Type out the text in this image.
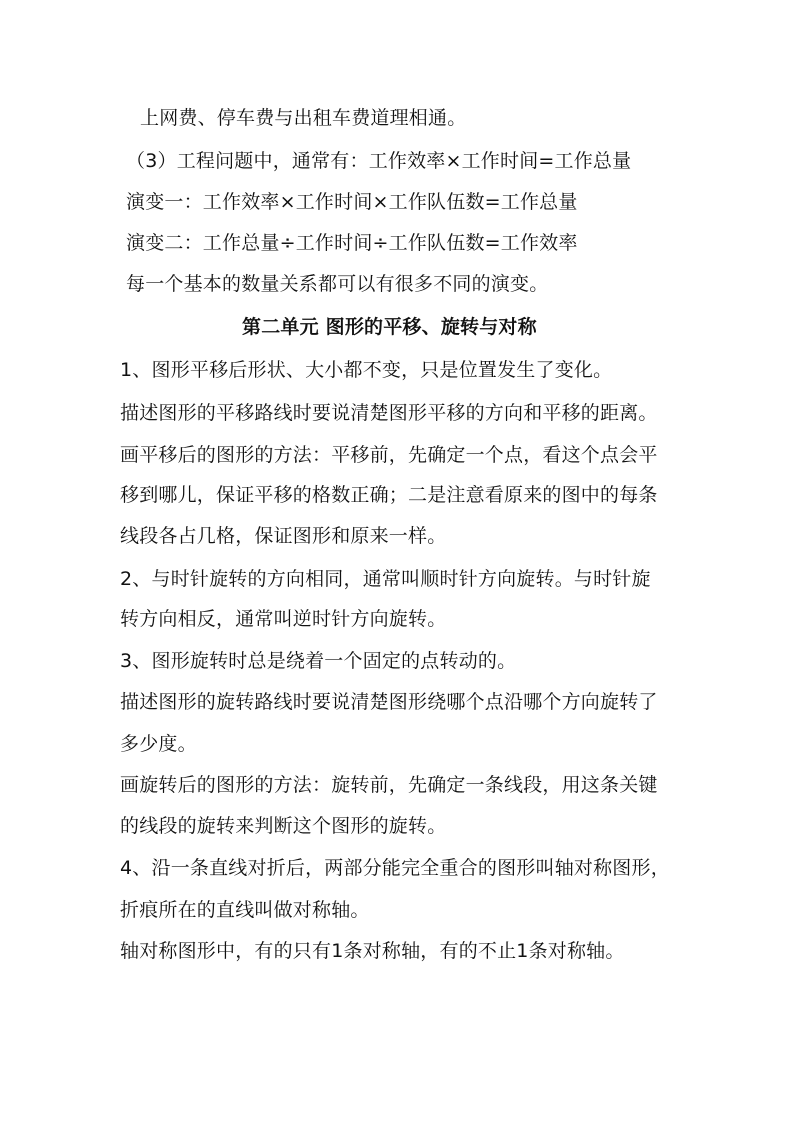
上网费、停车费与出租车费道理相通。
（3）工程问题中，通常有：工作效率×工作时间=工作总量
演变一：工作效率×工作时间×工作队伍数=工作总量
演变二：工作总量÷工作时间÷工作队伍数=工作效率
每一个基本的数量关系都可以有很多不同的演变。
第二单元 图形的平移、旋转与对称
1、图形平移后形状、大小都不变，只是位置发生了变化。
描述图形的平移路线时要说清楚图形平移的方向和平移的距离。
画平移后的图形的方法：平移前，先确定一个点，看这个点会平
移到哪儿，保证平移的格数正确；二是注意看原来的图中的每条
线段各占几格，保证图形和原来一样。
2、与时针旋转的方向相同，通常叫顺时针方向旋转。与时针旋
转方向相反，通常叫逆时针方向旋转。
3、图形旋转时总是绕着一个固定的点转动的。
描述图形的旋转路线时要说清楚图形绕哪个点沿哪个方向旋转了
多少度。
画旋转后的图形的方法：旋转前，先确定一条线段，用这条关键
的线段的旋转来判断这个图形的旋转。
4、沿一条直线对折后，两部分能完全重合的图形叫轴对称图形，
折痕所在的直线叫做对称轴。
轴对称图形中，有的只有1条对称轴，有的不止1条对称轴。
